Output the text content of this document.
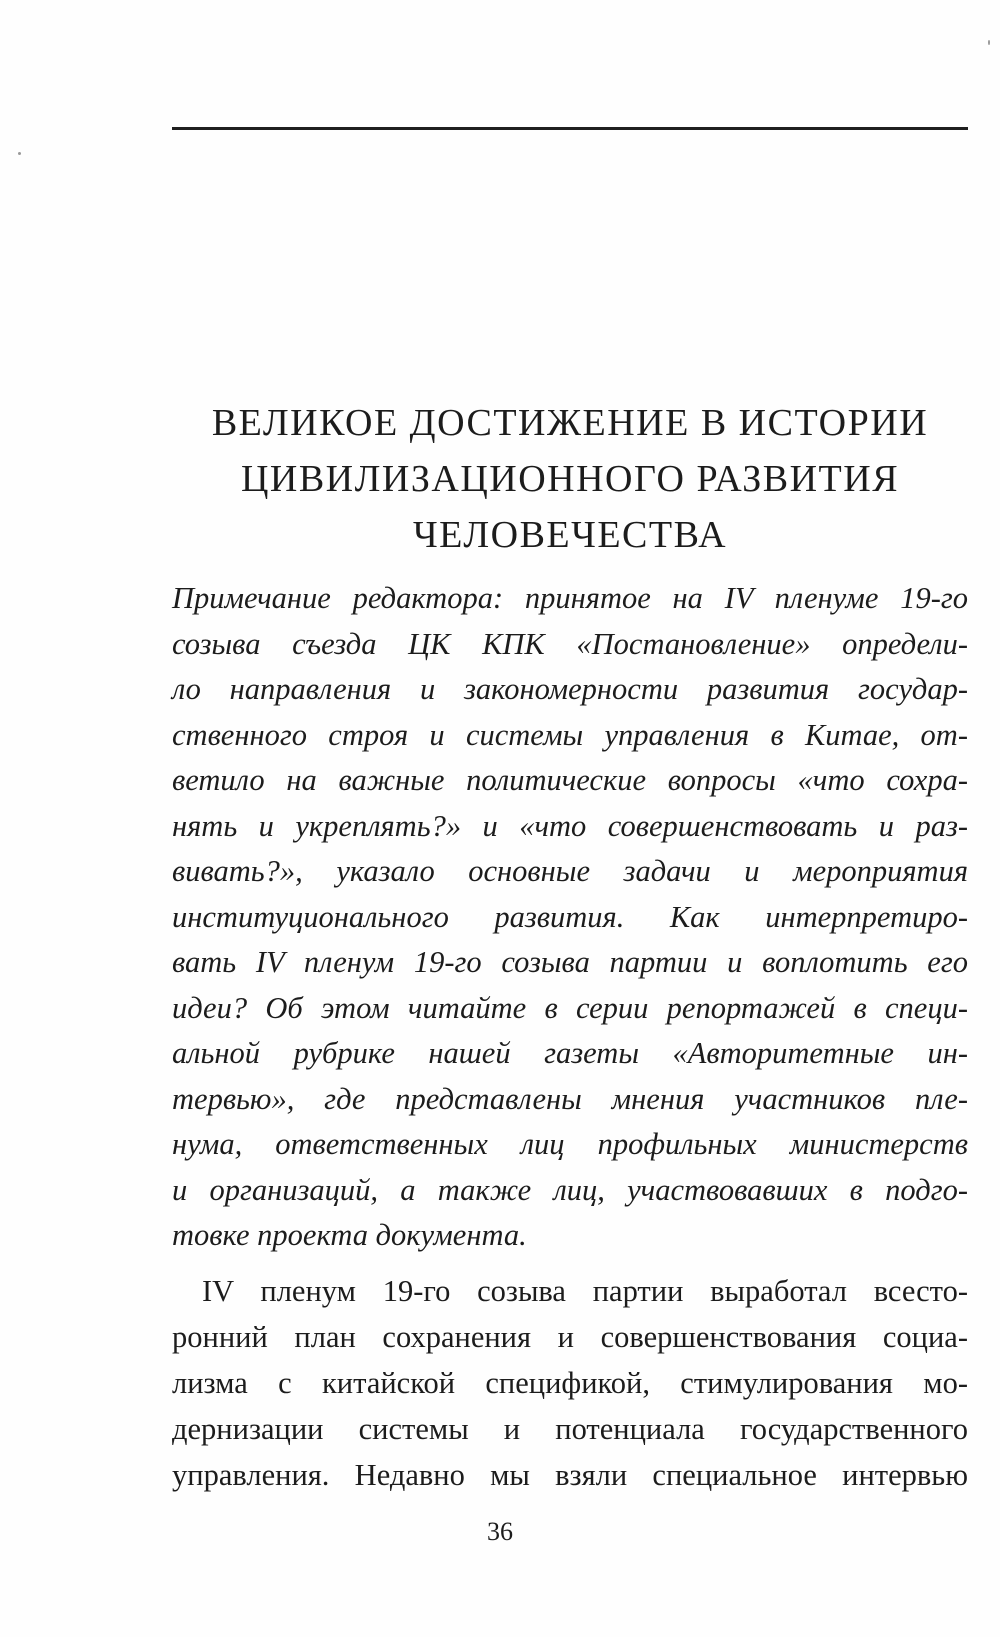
ВЕЛИКОЕ ДОСТИЖЕНИЕ В ИСТОРИИ
ЦИВИЛИЗАЦИОННОГО РАЗВИТИЯ
ЧЕЛОВЕЧЕСТВА
Примечание редактора: принятое на IV пленуме 19-го
созыва съезда ЦК КПК «Постановление» определи-
ло направления и закономерности развития государ-
ственного строя и системы управления в Китае, от-
ветило на важные политические вопросы «что сохра-
нять и укреплять?» и «что совершенствовать и раз-
вивать?», указало основные задачи и мероприятия
институционального развития. Как интерпретиро-
вать IV пленум 19-го созыва партии и воплотить его
идеи? Об этом читайте в серии репортажей в специ-
альной рубрике нашей газеты «Авторитетные ин-
тервью», где представлены мнения участников пле-
нума, ответственных лиц профильных министерств
и организаций, а также лиц, участвовавших в подго-
товке проекта документа.
IV пленум 19-го созыва партии выработал всесто-
ронний план сохранения и совершенствования социа-
лизма с китайской спецификой, стимулирования мо-
дернизации системы и потенциала государственного
управления. Недавно мы взяли специальное интервью
36
